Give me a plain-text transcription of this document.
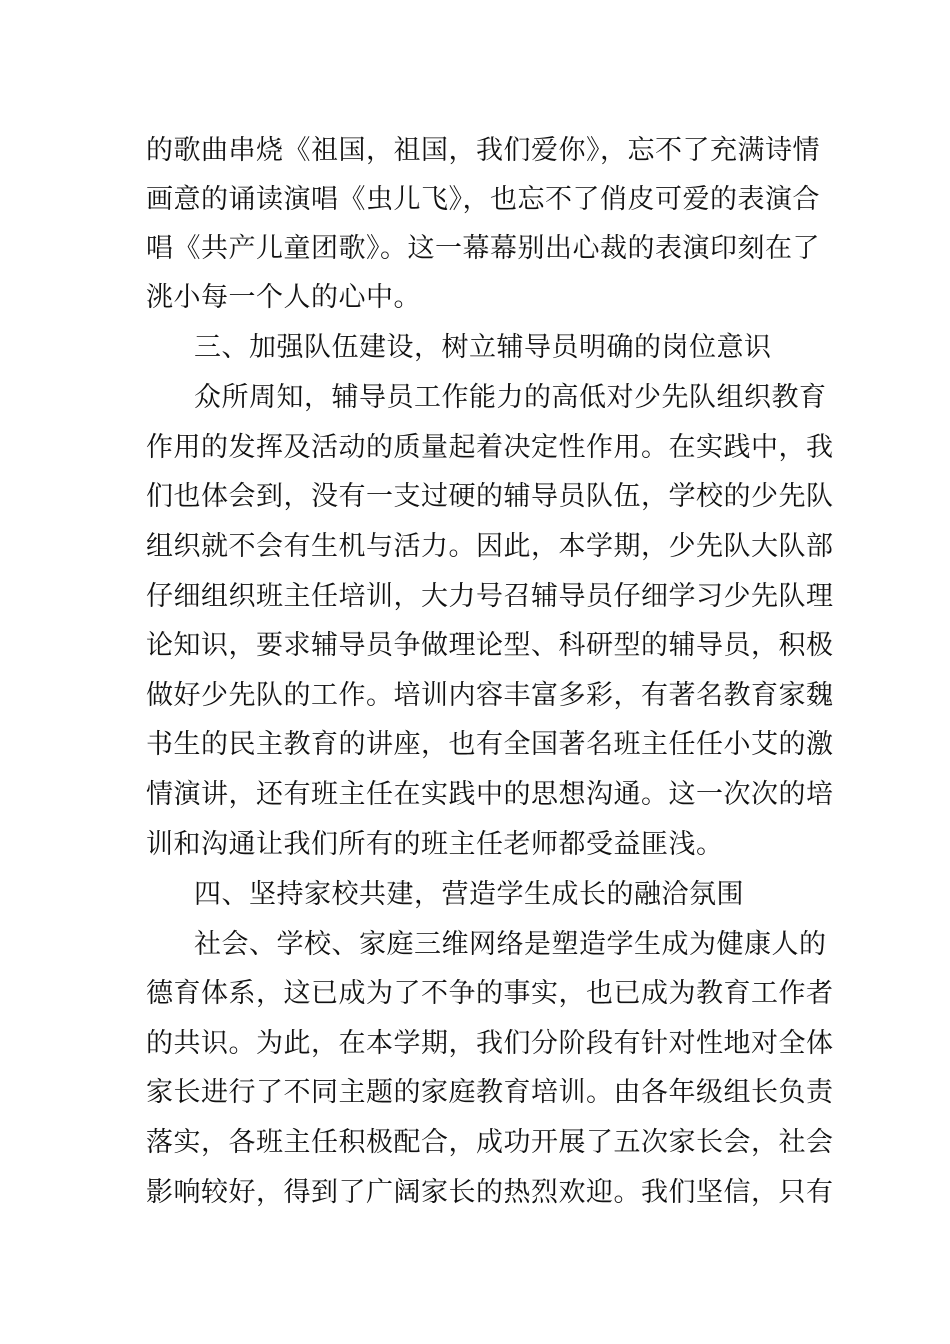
的歌曲串烧《祖国，祖国，我们爱你》，忘不了充满诗情
画意的诵读演唱《虫儿飞》，也忘不了俏皮可爱的表演合
唱《共产儿童团歌》。这一幕幕别出心裁的表演印刻在了
洮小每一个人的心中。
三、加强队伍建设，树立辅导员明确的岗位意识
众所周知，辅导员工作能力的高低对少先队组织教育
作用的发挥及活动的质量起着决定性作用。在实践中，我
们也体会到，没有一支过硬的辅导员队伍，学校的少先队
组织就不会有生机与活力。因此，本学期，少先队大队部
仔细组织班主任培训，大力号召辅导员仔细学习少先队理
论知识，要求辅导员争做理论型、科研型的辅导员，积极
做好少先队的工作。培训内容丰富多彩，有著名教育家魏
书生的民主教育的讲座，也有全国著名班主任任小艾的激
情演讲，还有班主任在实践中的思想沟通。这一次次的培
训和沟通让我们所有的班主任老师都受益匪浅。
四、坚持家校共建，营造学生成长的融洽氛围
社会、学校、家庭三维网络是塑造学生成为健康人的
德育体系，这已成为了不争的事实，也已成为教育工作者
的共识。为此，在本学期，我们分阶段有针对性地对全体
家长进行了不同主题的家庭教育培训。由各年级组长负责
落实，各班主任积极配合，成功开展了五次家长会，社会
影响较好，得到了广阔家长的热烈欢迎。我们坚信，只有
